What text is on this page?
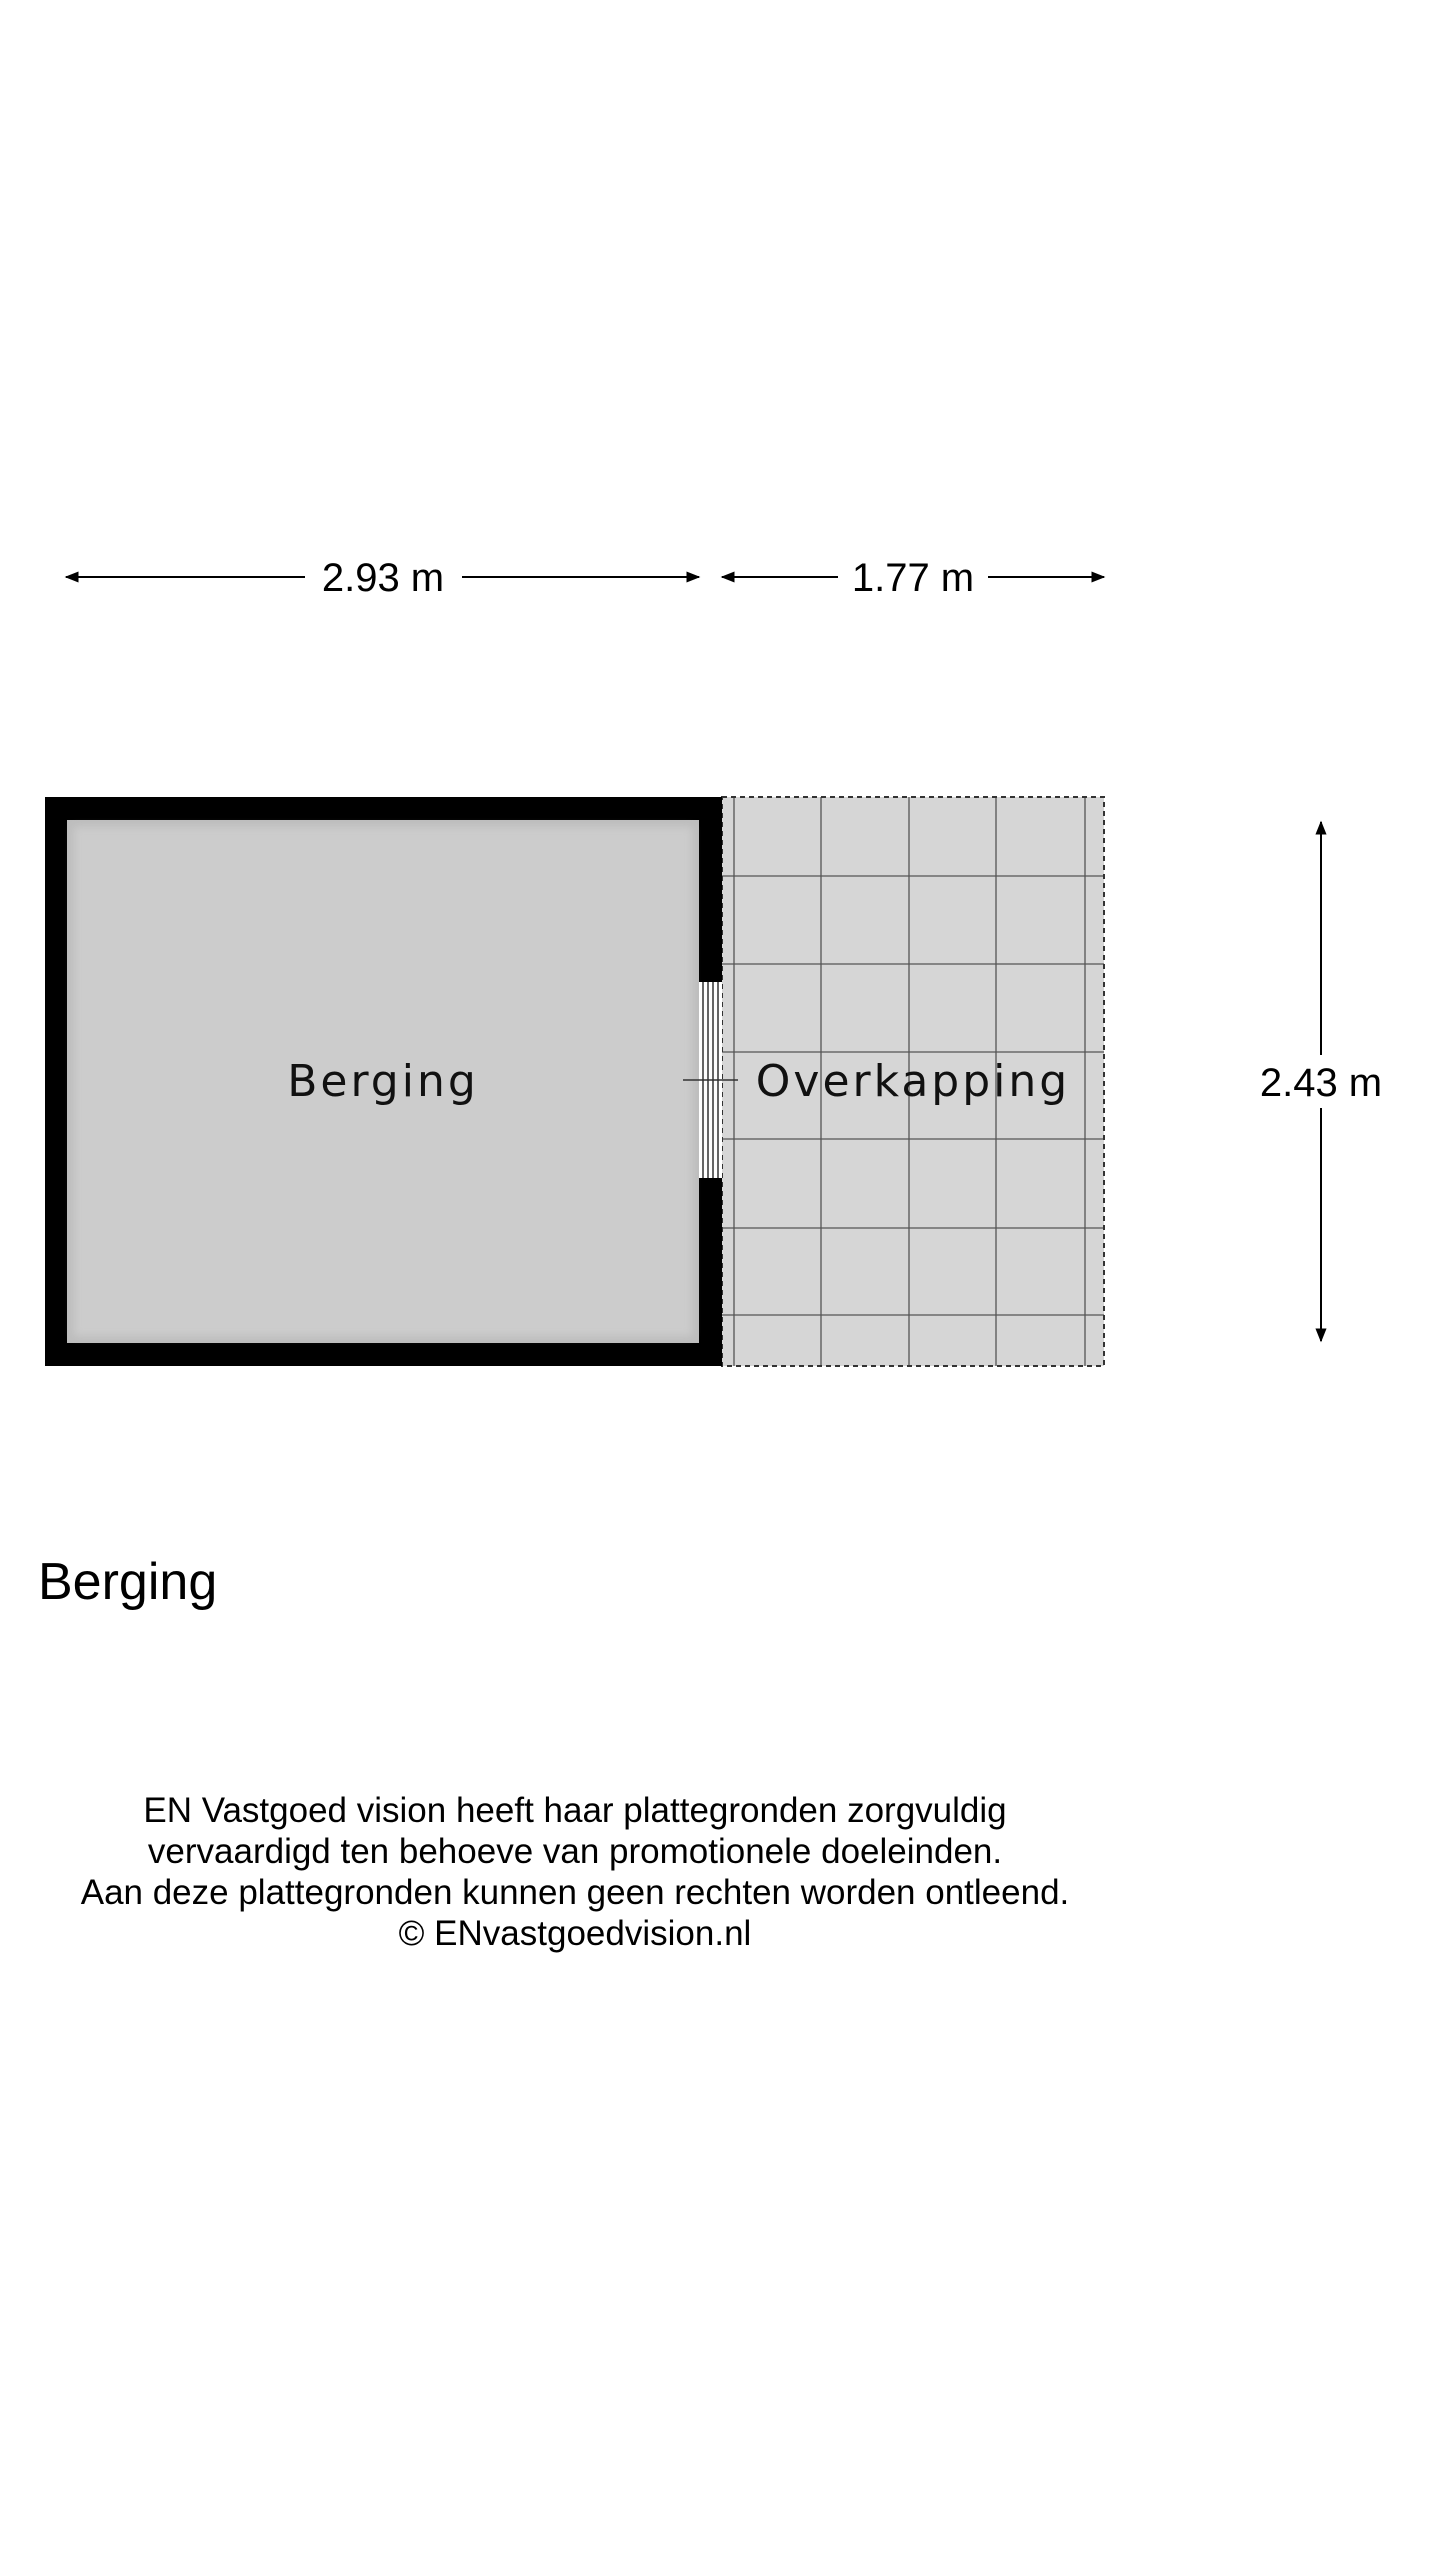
2.93 m	1.77 m
2.43 m
Overkapping
Berging
Berging
EN Vastgoed vision heeft haar plattegronden zorgvuldig
vervaardigd ten behoeve van promotionele doeleinden.
Aan deze plattegronden kunnen geen rechten worden ontleend.
© ENvastgoedvision.nl
